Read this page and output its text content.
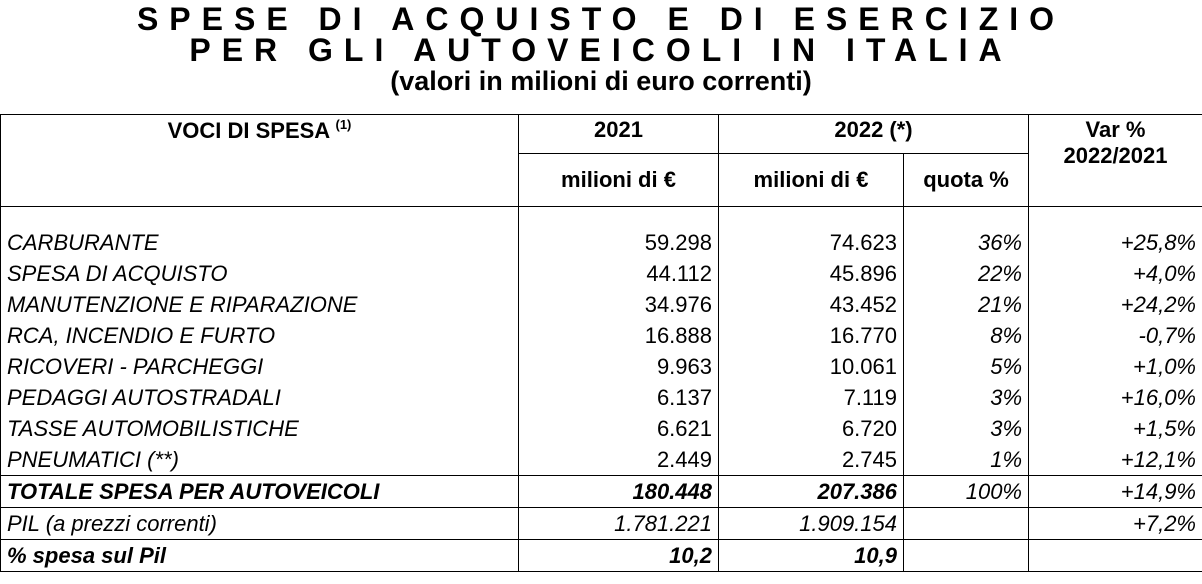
SPESE DI ACQUISTO E DI ESERCIZIO
PER GLI AUTOVEICOLI IN ITALIA
(valori in milioni di euro correnti)
VOCI DI SPESA $^{(1)}$	2021	2022 (*)		Var %
2022/2021

	milioni di €	milioni di €	quota %	

CARBURANTE	59.298	74.623	36%	+25,8%
SPESA DI ACQUISTO	44.112	45.896	22%	+4,0%
MANUTENZIONE E RIPARAZIONE	34.976	43.452	21%	+24,2%
RCA, INCENDIO E FURTO	16.888	16.770	8%	-0,7%
RICOVERI - PARCHEGGI	9.963	10.061	5%	+1,0%
PEDAGGI AUTOSTRADALI	6.137	7.119	3%	+16,0%
TASSE AUTOMOBILISTICHE	6.621	6.720	3%	+1,5%
PNEUMATICI (**)	2.449	2.745	1%	+12,1%
TOTALE SPESA PER AUTOVEICOLI	180.448	207.386	100%	+14,9%
PIL (a prezzi correnti)	1.781.221	1.909.154		+7,2%
% spesa sul Pil	10,2	10,9		
